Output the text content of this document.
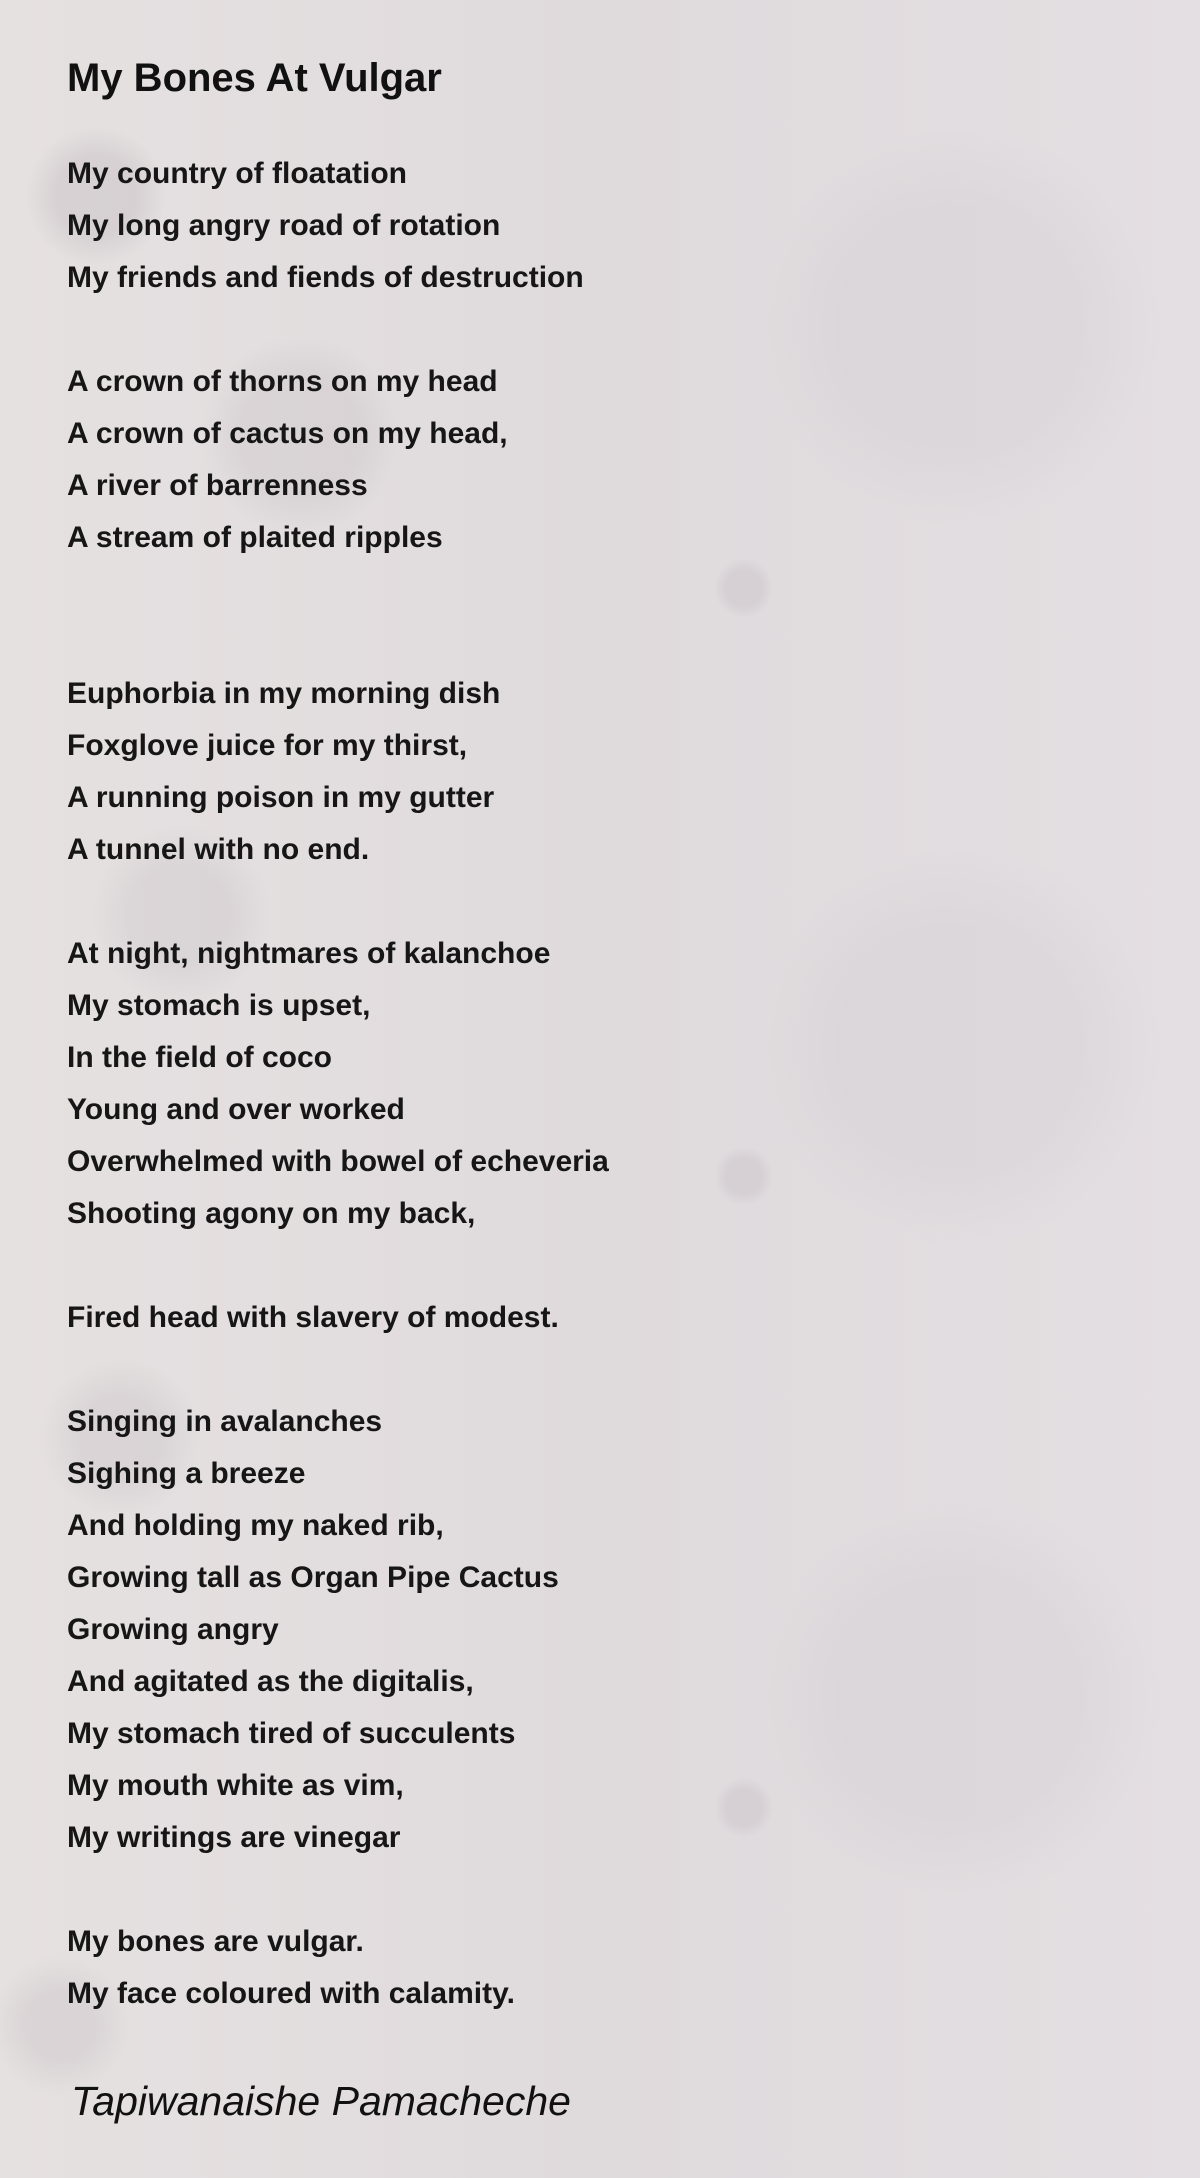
My Bones At Vulgar
My country of floatation
My long angry road of rotation
My friends and fiends of destruction
A crown of thorns on my head
A crown of cactus on my head,
A river of barrenness
A stream of plaited ripples
Euphorbia in my morning dish
Foxglove juice for my thirst,
A running poison in my gutter
A tunnel with no end.
At night, nightmares of kalanchoe
My stomach is upset,
In the field of coco
Young and over worked
Overwhelmed with bowel of echeveria
Shooting agony on my back,
Fired head with slavery of modest.
Singing in avalanches
Sighing a breeze
And holding my naked rib,
Growing tall as Organ Pipe Cactus
Growing angry
And agitated as the digitalis,
My stomach tired of succulents
My mouth white as vim,
My writings are vinegar
My bones are vulgar.
My face coloured with calamity.
Tapiwanaishe Pamacheche
